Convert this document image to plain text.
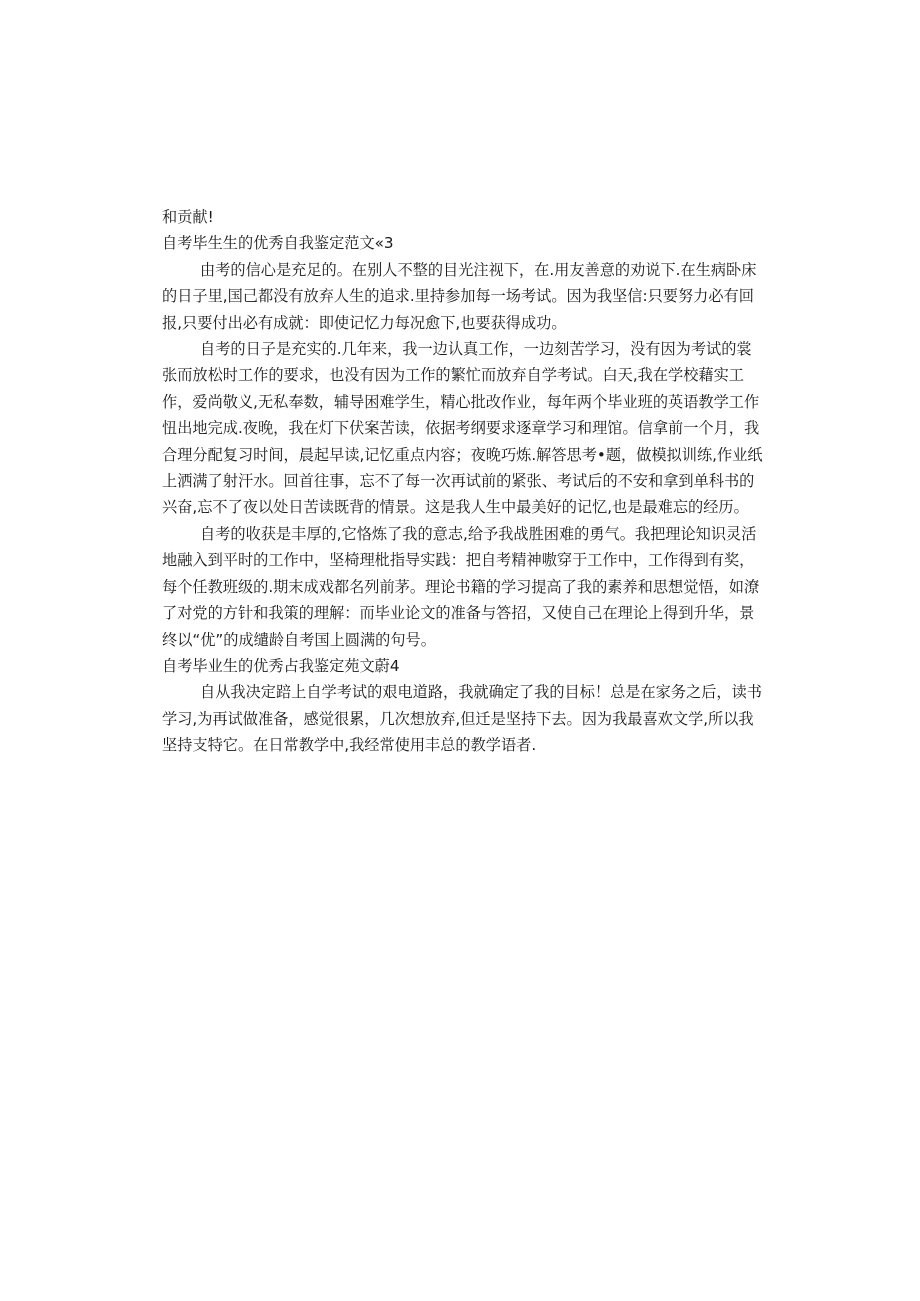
和贡献!

自考毕生生的优秀自我鉴定范文«3

由考的信心是充足的。在别人不整的目光注视下，在.用友善意的劝说下.在生病卧床的日子里,国己都没有放弃人生的追求.里持参加每一场考试。因为我坚信:只要努力必有回报,只要付出必有成就：即使记忆力每况愈下,也要获得成功。

自考的日子是充实的.几年来，我一边认真工作，一边刻苦学习，没有因为考试的裳张而放松时工作的要求，也没有因为工作的繁忙而放弃自学考试。白天,我在学校藉实工作，爱尚敬义,无私奉数，辅导困难学生，精心批改作业，每年两个毕业班的英语教学工作忸出地完成.夜晚，我在灯下伏案苦读，依据考纲要求逐章学习和理馆。信拿前一个月，我合理分配复习时间，晨起早读,记忆重点内容；夜晚巧炼.解答思考•题，做模拟训练,作业纸上洒满了射汗水。回首往事，忘不了每一次再试前的紧张、考试后的不安和拿到单科书的兴奋,忘不了夜以处日苦读既背的情景。这是我人生中最美好的记忆,也是最难忘的经历。

自考的收获是丰厚的,它恪炼了我的意志,给予我战胜困难的勇气。我把理论知识灵活地融入到平时的工作中，坚椅理枇指导实践：把自考精神嗷穿于工作中，工作得到有奖，每个任教班级的.期末成戏都名列前茅。理论书籍的学习提高了我的素养和思想觉悟，如潦了对党的方针和我策的理解：而毕业论文的准备与答招，又使自己在理论上得到升华，景终以“优”的成缱龄自考国上圆满的句号。

自考毕业生的优秀占我鉴定苑文蔚4

自从我决定踣上自学考试的艰电道路，我就确定了我的目标！总是在家务之后，读书学习,为再试做准备，感觉很累，几次想放弃,但迁是坚持下去。因为我最喜欢文学,所以我坚持支特它。在日常教学中,我经常使用丰总的教学语者.
